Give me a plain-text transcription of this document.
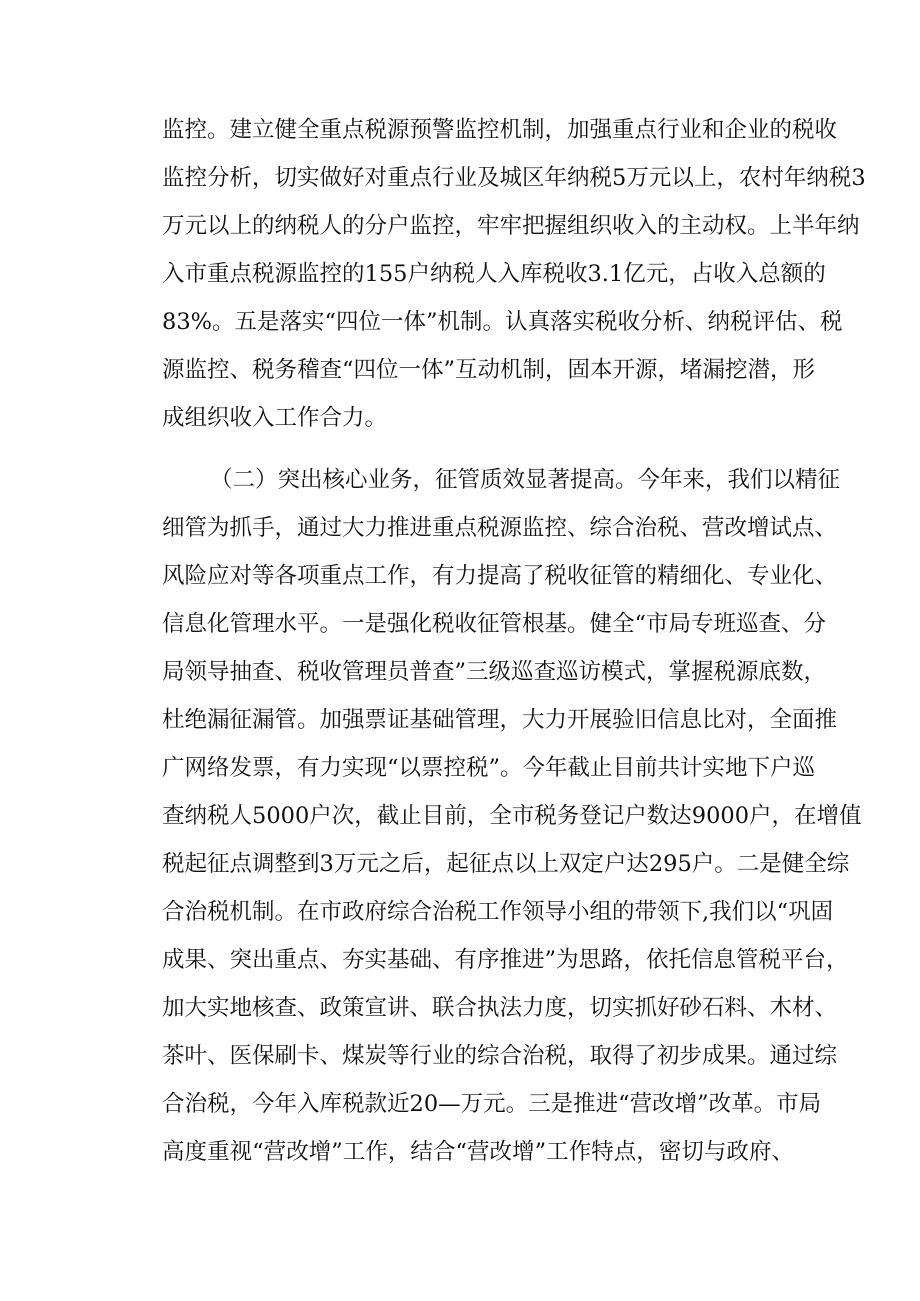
监控。建立健全重点税源预警监控机制，加强重点行业和企业的税收
监控分析，切实做好对重点行业及城区年纳税5万元以上，农村年纳税3
万元以上的纳税人的分户监控，牢牢把握组织收入的主动权。上半年纳
入市重点税源监控的155户纳税人入库税收3.1亿元，占收入总额的
83%。五是落实“四位一体”机制。认真落实税收分析、纳税评估、税
源监控、税务稽查“四位一体”互动机制，固本开源，堵漏挖潜，形
成组织收入工作合力。
（二）突出核心业务，征管质效显著提高。今年来，我们以精征
细管为抓手，通过大力推进重点税源监控、综合治税、营改增试点、
风险应对等各项重点工作，有力提高了税收征管的精细化、专业化、
信息化管理水平。一是强化税收征管根基。健全“市局专班巡查、分
局领导抽查、税收管理员普查”三级巡查巡访模式，掌握税源底数，
杜绝漏征漏管。加强票证基础管理，大力开展验旧信息比对，全面推
广网络发票，有力实现“以票控税”。今年截止目前共计实地下户巡
查纳税人5000户次，截止目前，全市税务登记户数达9000户，在增值
税起征点调整到3万元之后，起征点以上双定户达295户。二是健全综
合治税机制。在市政府综合治税工作领导小组的带领下,我们以“巩固
成果、突出重点、夯实基础、有序推进”为思路，依托信息管税平台，
加大实地核查、政策宣讲、联合执法力度，切实抓好砂石料、木材、
茶叶、医保刷卡、煤炭等行业的综合治税，取得了初步成果。通过综
合治税，今年入库税款近20—万元。三是推进“营改增”改革。市局
高度重视“营改增”工作，结合“营改增”工作特点，密切与政府、
